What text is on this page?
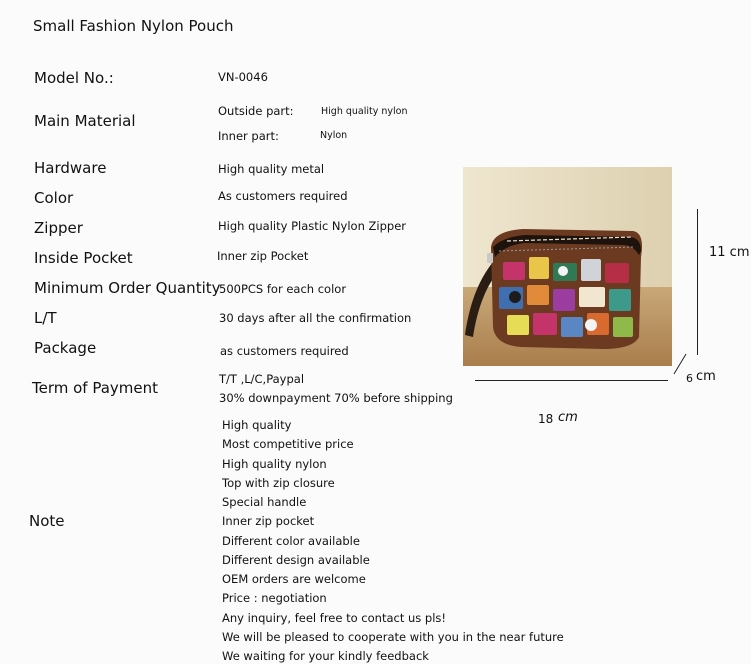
Small Fashion Nylon Pouch
Model No.:
Main Material
Hardware
Color
Zipper
Inside Pocket
Minimum Order Quantity
L/T
Package
Term of Payment
VN-0046
Outside part:	High quality nylon
Inner part:	Nylon
High quality metal
As customers required
High quality Plastic Nylon Zipper
Inner zip Pocket
500PCS for each color
30 days after all the confirmation
as customers required
T/T ,L/C,Paypal
30% downpayment 70% before shipping
Note
High quality
Most competitive price
High quality nylon
Top with zip closure
Special handle
Inner zip pocket
Different color available
Different design available
OEM orders are welcome
Price : negotiation
Any inquiry, feel free to contact us pls!
We will be pleased to cooperate with you in the near future
We waiting for your kindly feedback
11 cm
6 cm
18 cm
